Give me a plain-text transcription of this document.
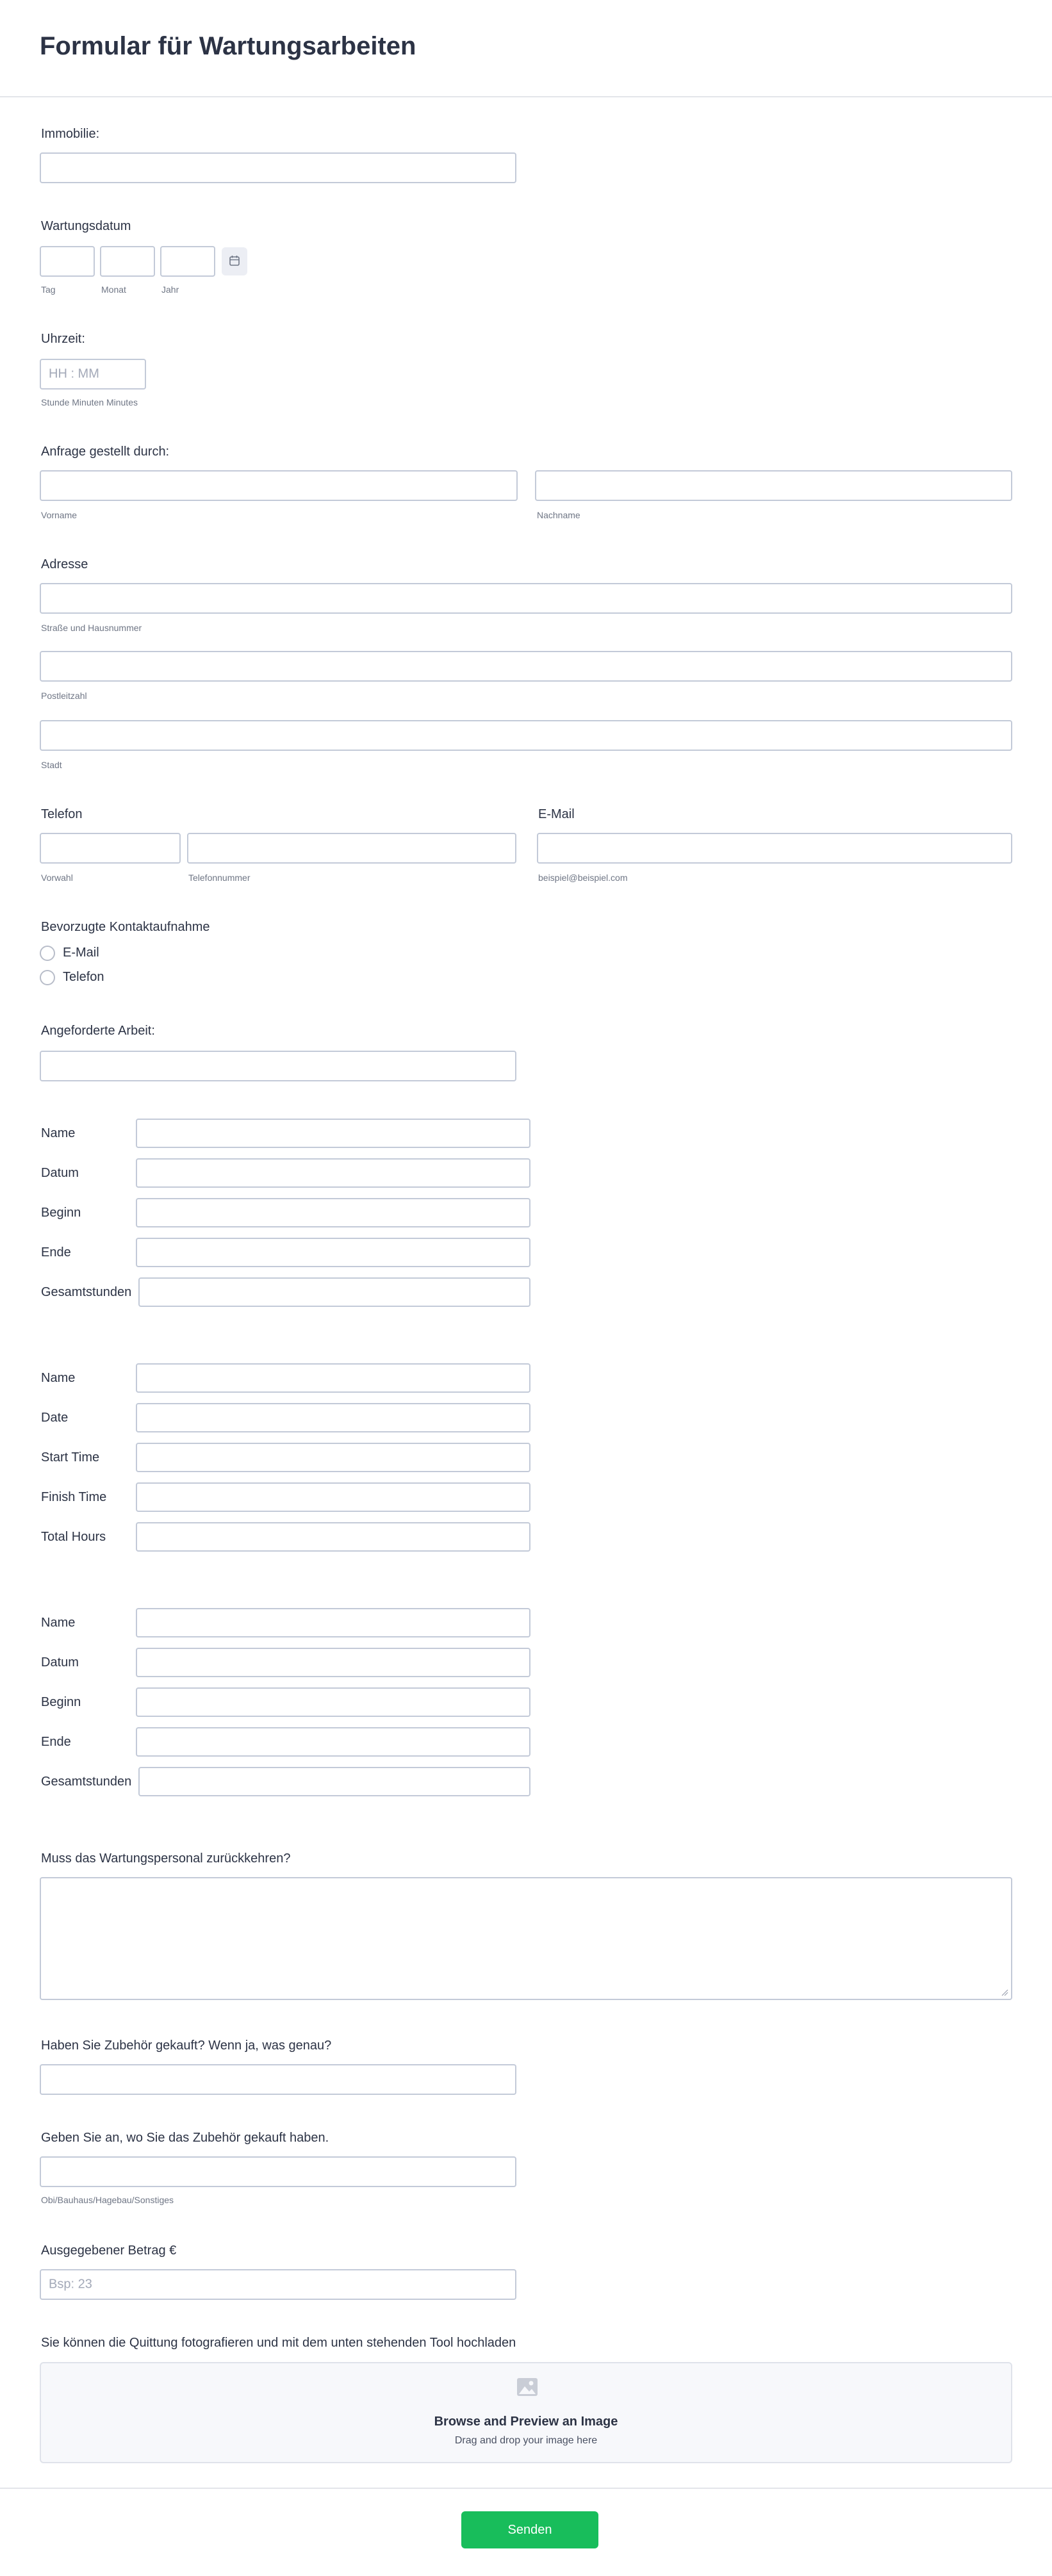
Formular für Wartungsarbeiten
Immobilie:
Wartungsdatum
Tag	Monat	Jahr
Uhrzeit:
HH : MM
Stunde Minuten Minutes
Anfrage gestellt durch:
Vorname	Nachname
Adresse
Straße und Hausnummer
Postleitzahl
Stadt
Telefon	E-Mail
Vorwahl	Telefonnummer	beispiel@beispiel.com
Bevorzugte Kontaktaufnahme
E-Mail
Telefon
Angeforderte Arbeit:
Name
Datum
Beginn
Ende
Gesamtstunden
Name
Date
Start Time
Finish Time
Total Hours
Name
Datum
Beginn
Ende
Gesamtstunden
Muss das Wartungspersonal zurückkehren?
Haben Sie Zubehör gekauft? Wenn ja, was genau?
Geben Sie an, wo Sie das Zubehör gekauft haben.
Obi/Bauhaus/Hagebau/Sonstiges
Ausgegebener Betrag €
Bsp: 23
Sie können die Quittung fotografieren und mit dem unten stehenden Tool hochladen
Browse and Preview an Image
Drag and drop your image here
Senden
